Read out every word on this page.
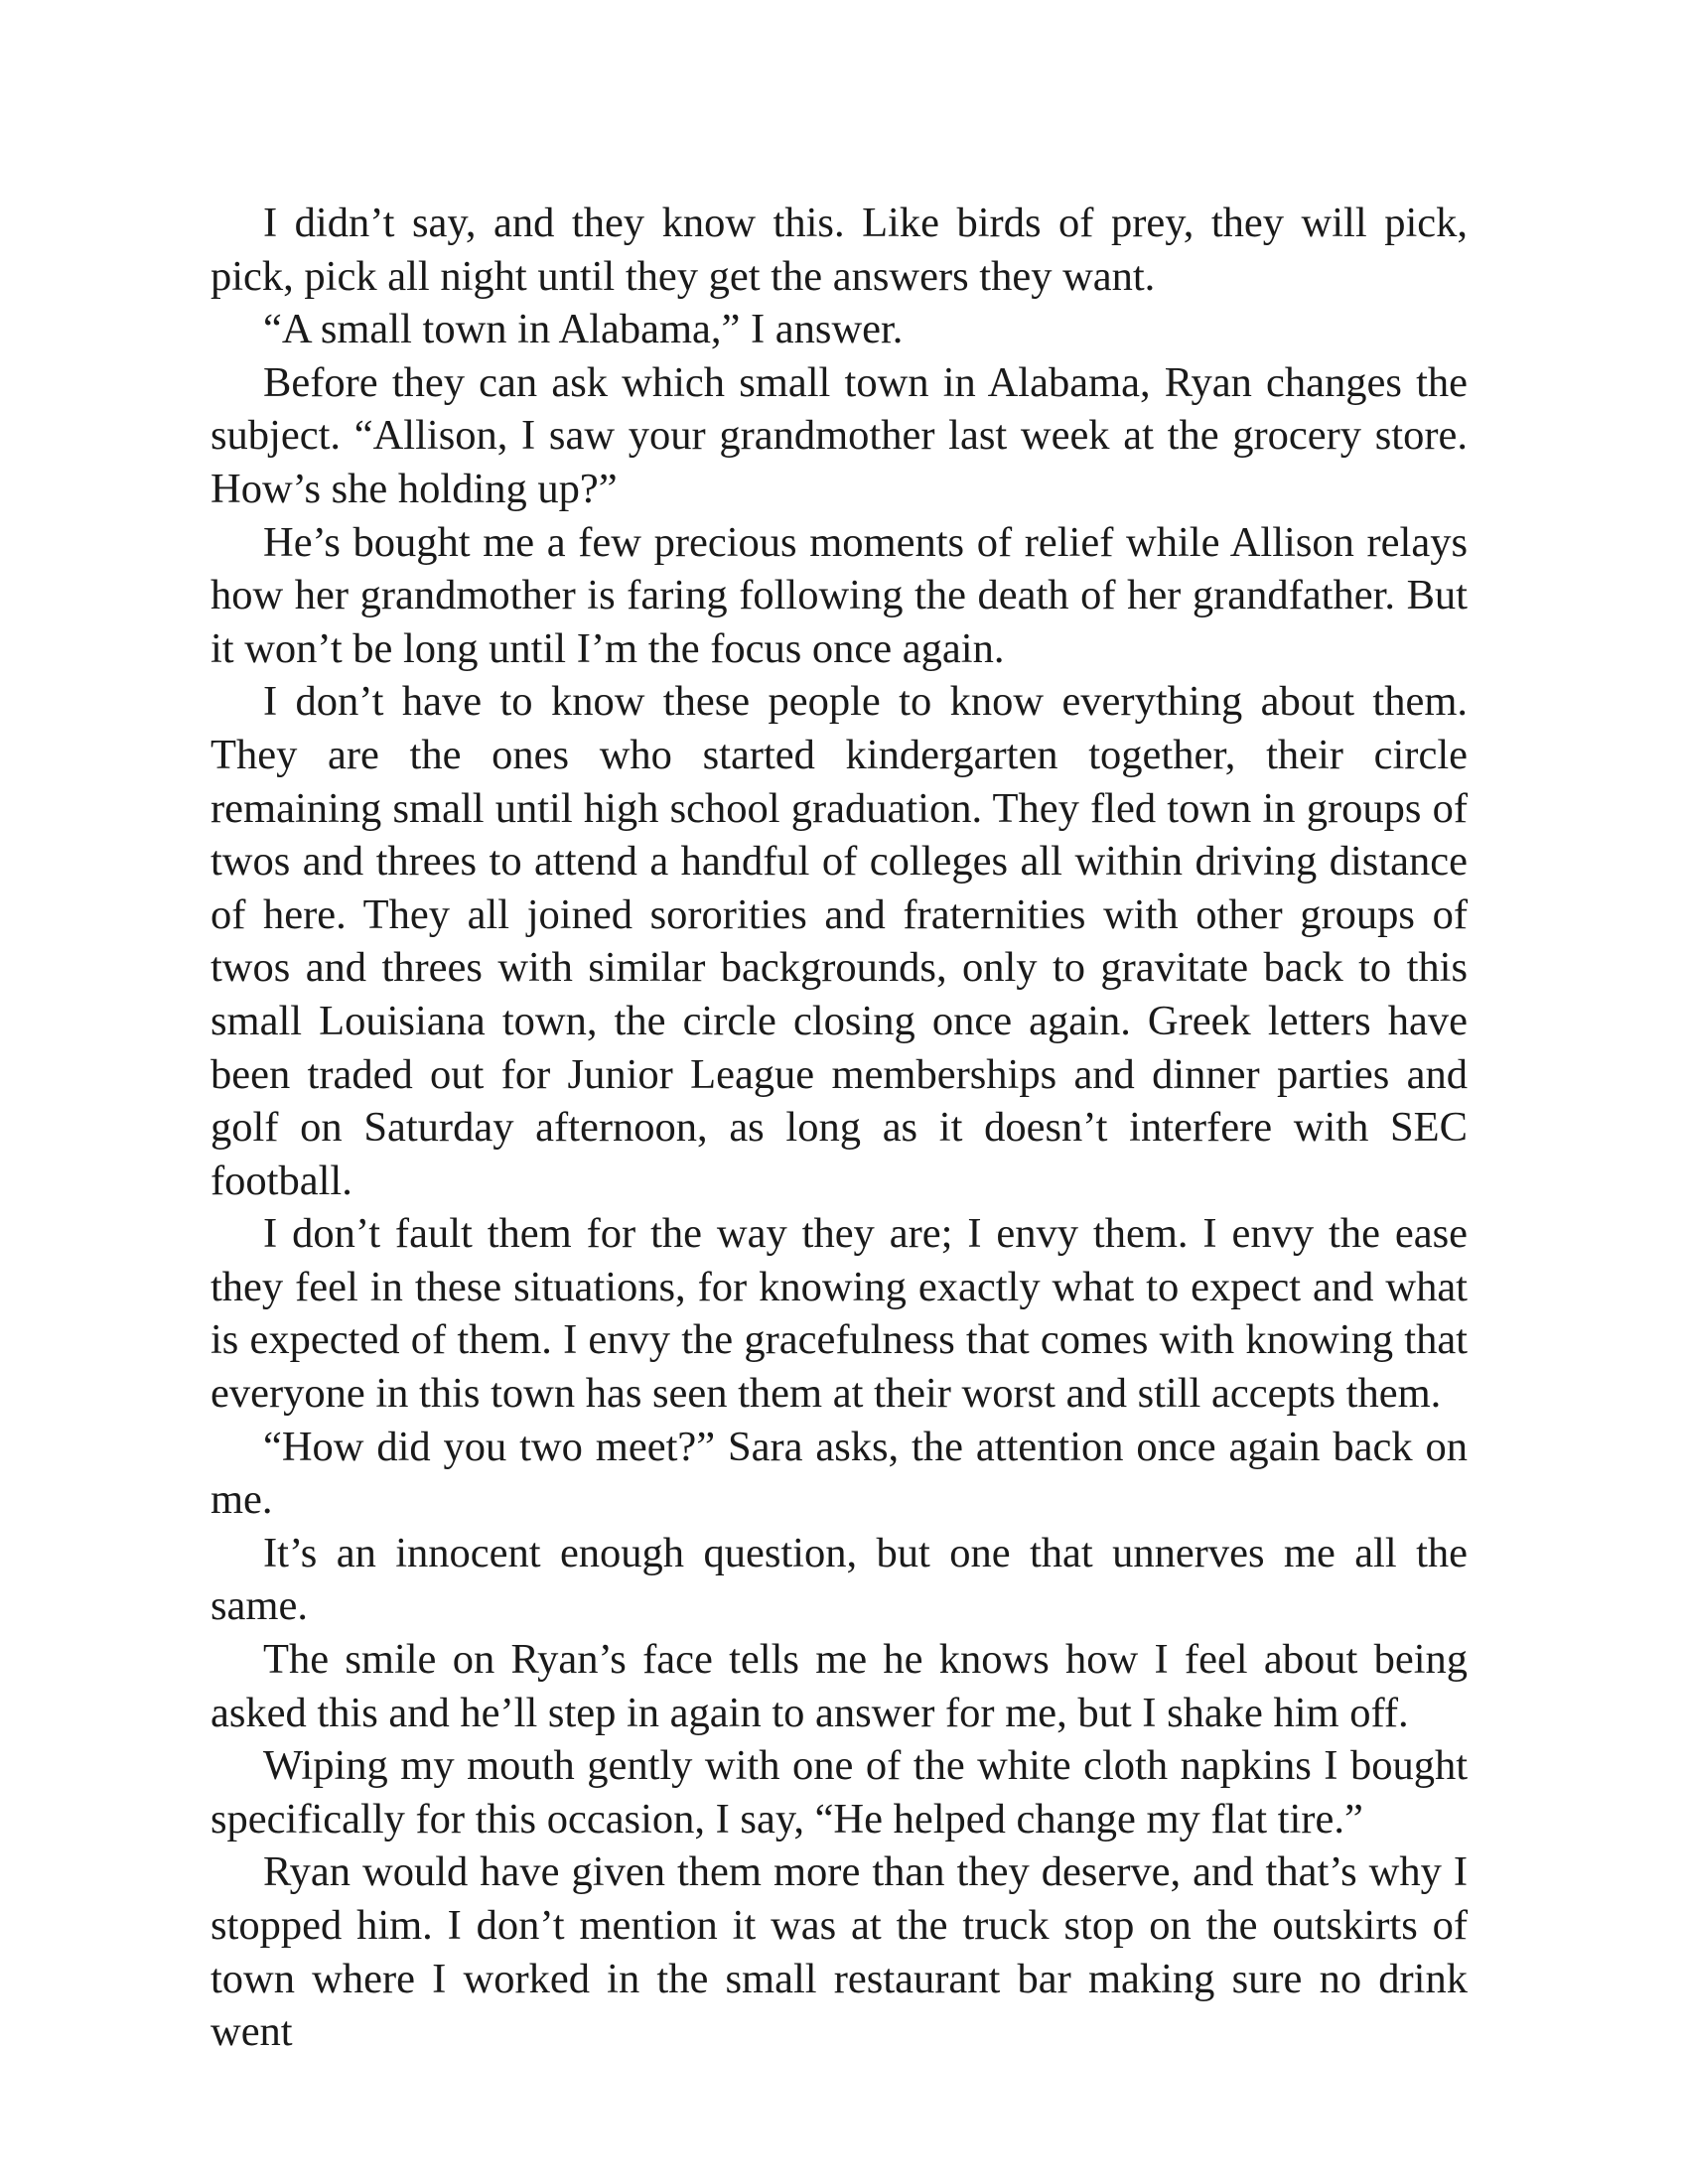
I didn’t say, and they know this. Like birds of prey, they will pick, pick, pick all night until they get the answers they want.

“A small town in Alabama,” I answer.

Before they can ask which small town in Alabama, Ryan changes the subject. “Allison, I saw your grandmother last week at the grocery store. How’s she holding up?”

He’s bought me a few precious moments of relief while Allison relays how her grandmother is faring following the death of her grandfather. But it won’t be long until I’m the focus once again.

I don’t have to know these people to know everything about them. They are the ones who started kindergarten together, their circle remaining small until high school graduation. They fled town in groups of twos and threes to attend a handful of colleges all within driving distance of here. They all joined sororities and fraternities with other groups of twos and threes with similar backgrounds, only to gravitate back to this small Louisiana town, the circle closing once again. Greek letters have been traded out for Junior League memberships and dinner parties and golf on Saturday afternoon, as long as it doesn’t interfere with SEC football.

I don’t fault them for the way they are; I envy them. I envy the ease they feel in these situations, for knowing exactly what to expect and what is expected of them. I envy the gracefulness that comes with knowing that everyone in this town has seen them at their worst and still accepts them.

“How did you two meet?” Sara asks, the attention once again back on me.

It’s an innocent enough question, but one that unnerves me all the same.

The smile on Ryan’s face tells me he knows how I feel about being asked this and he’ll step in again to answer for me, but I shake him off.

Wiping my mouth gently with one of the white cloth napkins I bought specifically for this occasion, I say, “He helped change my flat tire.”

Ryan would have given them more than they deserve, and that’s why I stopped him. I don’t mention it was at the truck stop on the outskirts of town where I worked in the small restaurant bar making sure no drink went
